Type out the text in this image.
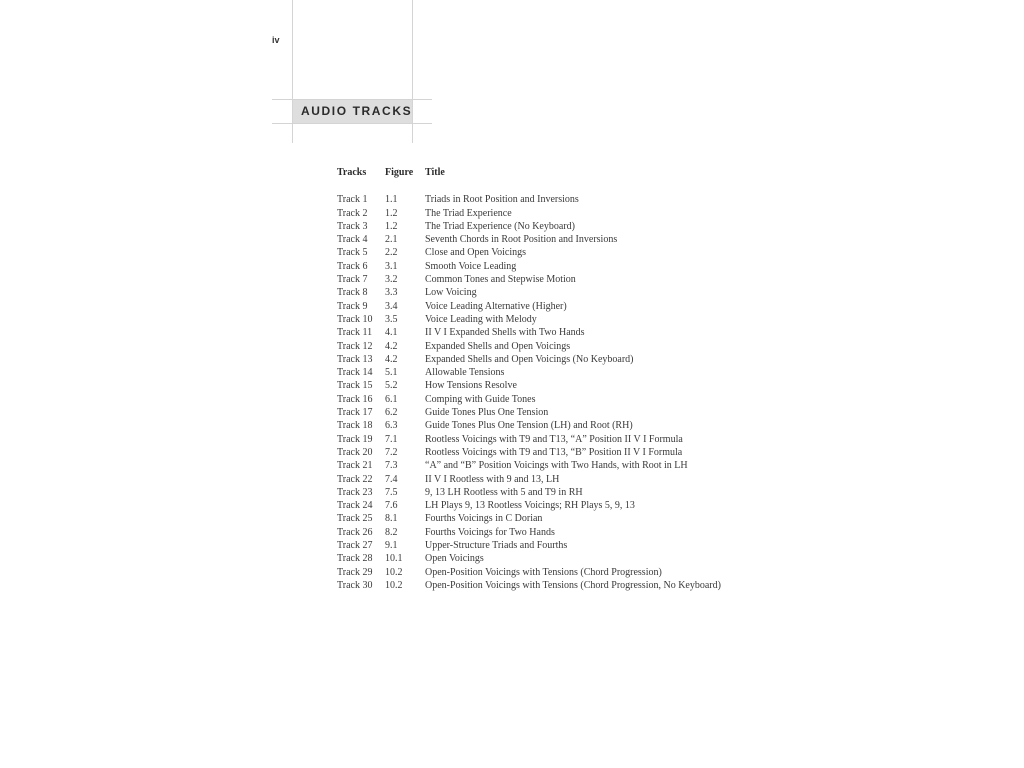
iv
AUDIO TRACKS
Tracks	Figure	Title

Track 1	1.1	Triads in Root Position and Inversions
Track 2	1.2	The Triad Experience
Track 3	1.2	The Triad Experience (No Keyboard)
Track 4	2.1	Seventh Chords in Root Position and Inversions
Track 5	2.2	Close and Open Voicings
Track 6	3.1	Smooth Voice Leading
Track 7	3.2	Common Tones and Stepwise Motion
Track 8	3.3	Low Voicing
Track 9	3.4	Voice Leading Alternative (Higher)
Track 10	3.5	Voice Leading with Melody
Track 11	4.1	II V I Expanded Shells with Two Hands
Track 12	4.2	Expanded Shells and Open Voicings
Track 13	4.2	Expanded Shells and Open Voicings (No Keyboard)
Track 14	5.1	Allowable Tensions
Track 15	5.2	How Tensions Resolve
Track 16	6.1	Comping with Guide Tones
Track 17	6.2	Guide Tones Plus One Tension
Track 18	6.3	Guide Tones Plus One Tension (LH) and Root (RH)
Track 19	7.1	Rootless Voicings with T9 and T13, “A” Position II V I Formula
Track 20	7.2	Rootless Voicings with T9 and T13, “B” Position II V I Formula
Track 21	7.3	“A” and “B” Position Voicings with Two Hands, with Root in LH
Track 22	7.4	II V I Rootless with 9 and 13, LH
Track 23	7.5	9, 13 LH Rootless with 5 and T9 in RH
Track 24	7.6	LH Plays 9, 13 Rootless Voicings; RH Plays 5, 9, 13
Track 25	8.1	Fourths Voicings in C Dorian
Track 26	8.2	Fourths Voicings for Two Hands
Track 27	9.1	Upper-Structure Triads and Fourths
Track 28	10.1	Open Voicings
Track 29	10.2	Open-Position Voicings with Tensions (Chord Progression)
Track 30	10.2	Open-Position Voicings with Tensions (Chord Progression, No Keyboard)
